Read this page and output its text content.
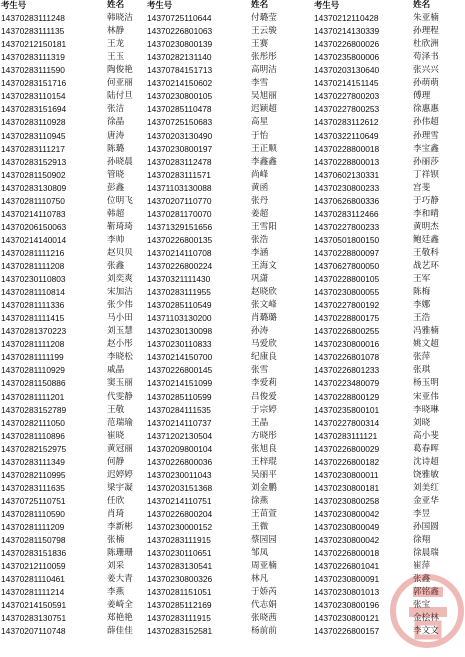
考生号
14370283111248
14370283111135
14370212150181
14370283111319
14370283111590
14370283151716
14370283110154
14370283151694
14370283110928
14370283110945
14370283111217
14370283152913
14370281150902
14370283130809
14370281110750
14370214110783
14370206150063
14370214140014
14370281111216
14370281111208
14370230110803
14370281110814
14370281111336
14370281111415
14370281370223
14370281111208
14370281111199
14370281110929
14370281150886
14370281111201
14370283152789
14370282111050
14370281110896
14370282152975
14370283111349
14370282110995
14370283111635
14370725110751
14370281110590
14370281111209
14370281150798
14370283151836
14370212110059
14370281110461
14370281111214
14370214150591
14370283130751
14370207110748
姓名
韩晓洁
林静
王龙
王玉
陶俊艳
何亚丽
陆付旦
张洁
徐晶
唐涛
陈璐
孙晓晨
管晓
彭鑫
位明飞
韩超
靳琦琦
李帅
赵贝贝
张鑫
刘奕爽
宋加洁
张少伟
马小田
刘玉慧
赵小彤
李晓松
戚晶
窦玉丽
代雯静
王敬
范瑞瑜
崔晓
黄冠丽
何静
迟婷婷
梁宇凝
任欣
肖琦
李新彬
张楠
陈珊珊
刘采
姜大青
李燕
姜崎全
郑艳艳
薛佳佳
考生号
14370725110644
14370226801063
14370230800139
14370282131140
14370784151713
14370214150602
14370230800105
14370285110478
14370725150683
14370203130490
14370230800197
14370283112478
14370283111571
14371103130088
14370207110770
14370281170070
14371329151656
14370226800135
14370214110708
14370226800224
14370321111430
14370283111955
14370285110549
14371103130200
14370230130098
14370230110833
14370214150700
14370226800145
14370214151099
14370285110599
14370284111535
14370214110737
14371202130504
14370209800104
14370226800036
14370230011043
14370203151368
14370214110751
14370226800204
14370230000152
14370283111915
14370230110651
14370283130541
14370230800326
14370281151051
14370285112169
14370283111915
14370283152581
姓名
付璐莹
王云骏
王赛
张彤彤
高明洁
李雪
吴旭丽
迟颖超
高星
于怡
王正顺
李鑫鑫
尚峰
黄函
张丹
姜超
王雪阳
张浩
李涵
王海文
巩潇
赵晓欣
张文峰
肖璐璐
孙涛
马爱欣
纪康良
张雪
李爱莉
吕俊爱
于宗婷
王晶
方晓彤
张旭良
王梓琨
吴丽平
刘金鹏
徐燕
王苗萱
王微
蔡园园
邹凤
周亚楠
林凡
于娇芮
代志娟
张晓茜
杨前前
考生号
14370212110428
14370214130339
14370226800026
14370235800006
14370203130640
14370214151145
14370227800203
14370227800253
14370283112612
14370322110649
14370228800018
14370228800013
14370602130331
14370230800233
14370626800336
14370283112466
14370227800233
14370501800150
14370228800097
14370627800050
14370228800105
14370230800055
14370227800192
14370228800175
14370226800255
14370230800016
14370226801078
14370226801233
14370223480079
14370228800129
14370235800101
14370227800314
14370283111121
14370226800029
14370226800182
14370230800011
14370230800181
14370230800258
14370230800042
14370230800049
14370230800042
14370226800018
14370226801041
14370230800091
14370230801013
14370230800196
14370230800121
14370226800157
姓名
朱亚楠
孙理程
杜欣洲
苟泽书
张兴兴
孙萌萌
傅理
徐惠惠
孙伟超
孙理雪
李宝鑫
孙丽莎
丁祥钡
宫斐
于巧静
李和晴
黄明杰
鲍廷鑫
王敬科
战艺环
王军
陈梅
李娜
王浩
冯雅楠
姚文超
张萍
张琪
杨玉明
宋亚伟
李晓琳
刘晓
高小斐
葛春晖
沈诗超
饶雅敏
刘美红
金亚华
李昱
孙国圆
徐翔
徐晨瑞
崔萍
张鑫
郭铭鑫
张宝
金桧林
李文文
